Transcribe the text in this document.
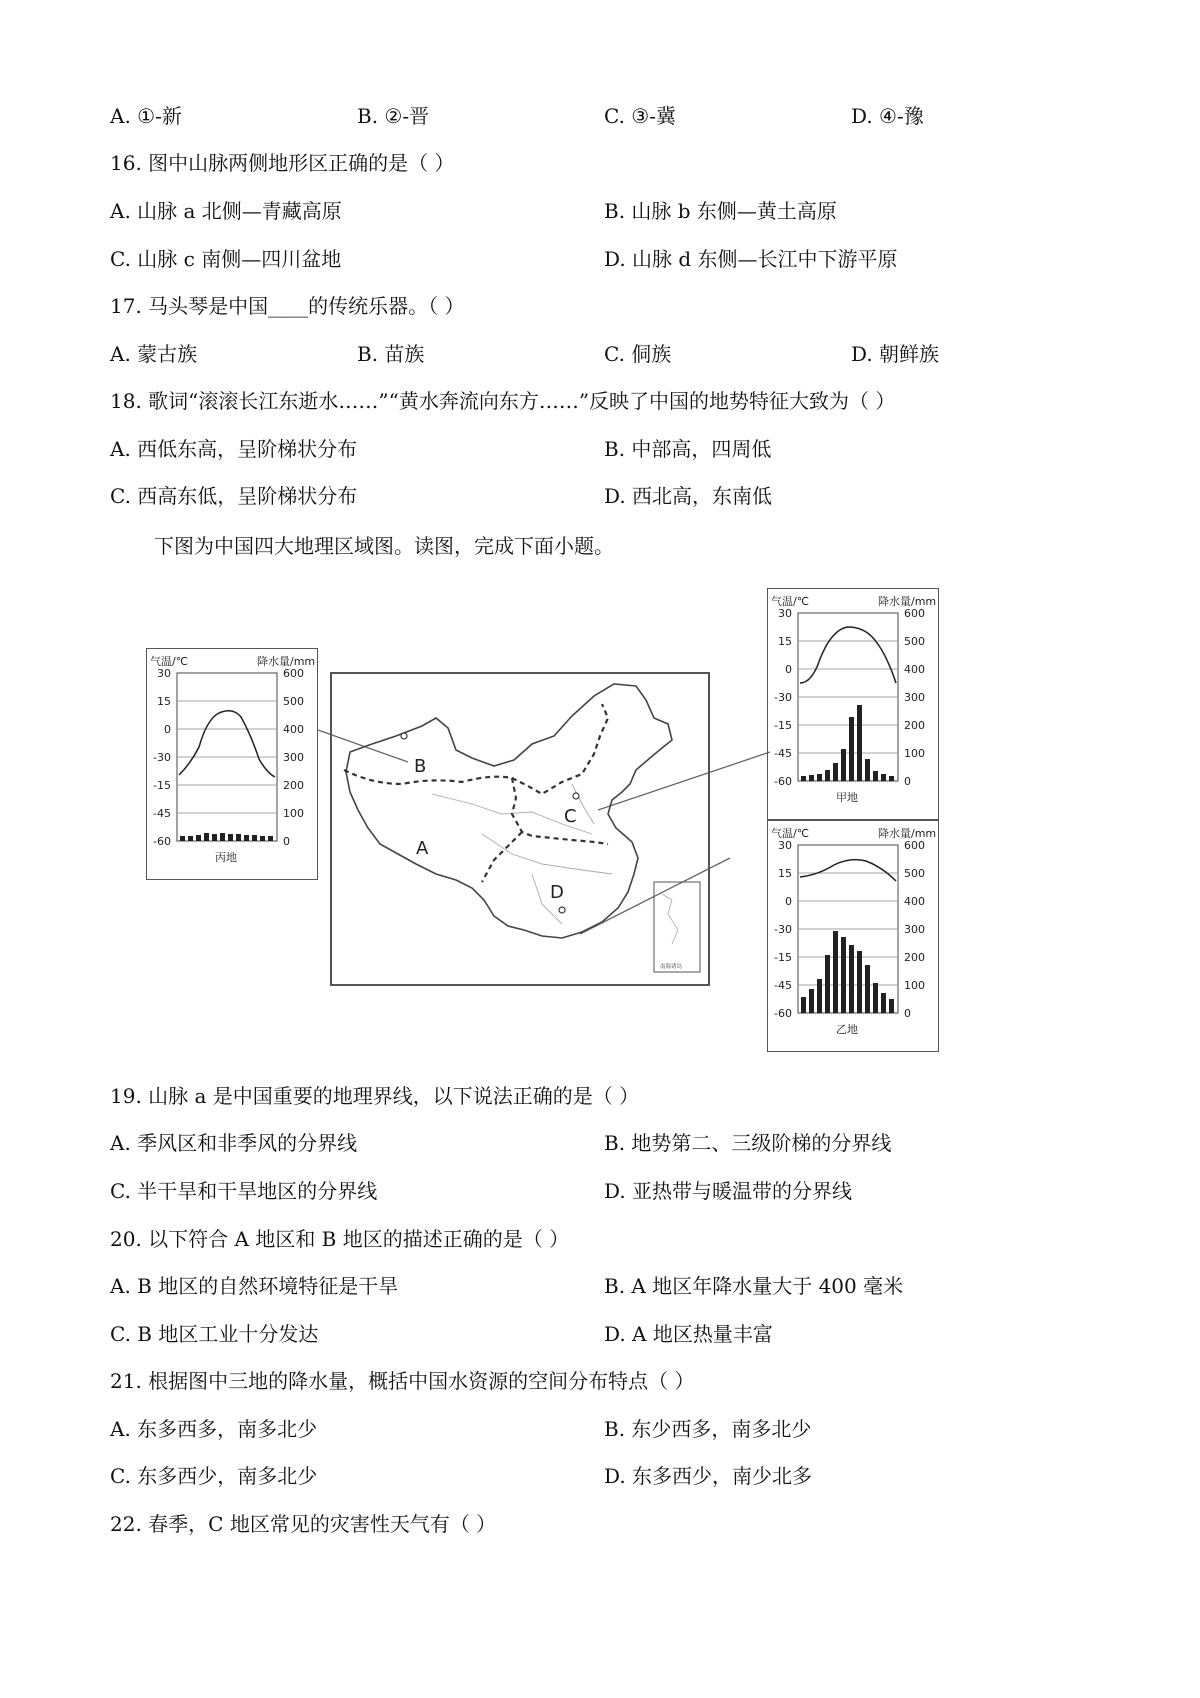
A. ①-新	B. ②-晋	C. ③-冀	D. ④-豫
16. 图中山脉两侧地形区正确的是（ ）
A. 山脉 a 北侧—青藏高原	B. 山脉 b 东侧—黄土高原
C. 山脉 c 南侧—四川盆地	D. 山脉 d 东侧—长江中下游平原
17. 马头琴是中国____的传统乐器。（ ）
A. 蒙古族	B. 苗族	C. 侗族	D. 朝鲜族
18. 歌词“滚滚长江东逝水……”“黄水奔流向东方……”反映了中国的地势特征大致为（ ）
A. 西低东高，呈阶梯状分布	B. 中部高，四周低
C. 西高东低，呈阶梯状分布	D. 西北高，东南低
下图为中国四大地理区域图。读图，完成下面小题。
B
A
C
D
南海诸岛
气温/℃	降水量/mm
30
15
0
-30
-15
-45
-60
600
500
400
300
200
100
0
丙地
气温/℃	降水量/mm
30
15
0
-30
-15
-45
-60
600
500
400
300
200
100
0
甲地
气温/℃	降水量/mm
30
15
0
-30
-15
-45
-60
600
500
400
300
200
100
0
乙地
19. 山脉 a 是中国重要的地理界线，以下说法正确的是（ ）
A. 季风区和非季风的分界线	B. 地势第二、三级阶梯的分界线
C. 半干旱和干旱地区的分界线	D. 亚热带与暖温带的分界线
20. 以下符合 A 地区和 B 地区的描述正确的是（ ）
A. B 地区的自然环境特征是干旱	B. A 地区年降水量大于 400 毫米
C. B 地区工业十分发达	D. A 地区热量丰富
21. 根据图中三地的降水量，概括中国水资源的空间分布特点（ ）
A. 东多西多，南多北少	B. 东少西多，南多北少
C. 东多西少，南多北少	D. 东多西少，南少北多
22. 春季，C 地区常见的灾害性天气有（ ）
